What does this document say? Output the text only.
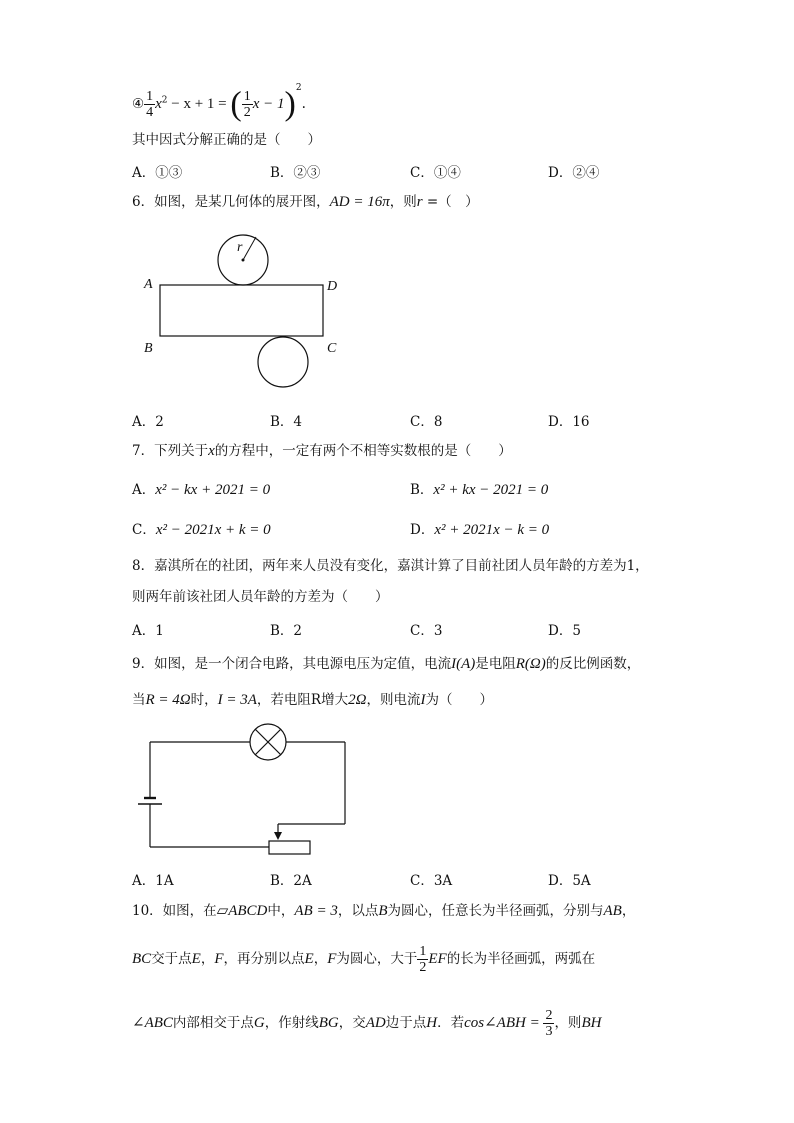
④ $\frac{1}{4} x^2 - x + 1$ = ( $\frac{1}{2}$ x − 1)$^2$.
其中因式分解正确的是（　　）
A．①③	B．②③	C．①④	D．②④
6．如图，是某几何体的展开图，AD = 16π，则r =（　）
r
A	D
B	C
A．2	B．4	C．8	D．16
7．下列关于x的方程中，一定有两个不相等实数根的是（　　）
A．x² − kx + 2021 = 0	B．x² + kx − 2021 = 0
C．x² − 2021x + k = 0	D．x² + 2021x − k = 0
8．嘉淇所在的社团，两年来人员没有变化，嘉淇计算了目前社团人员年龄的方差为1，
则两年前该社团人员年龄的方差为（　　）
A．1	B．2	C．3	D．5
9．如图，是一个闭合电路，其电源电压为定值，电流I(A)是电阻R(Ω)的反比例函数，
当R = 4Ω时，I = 3A，若电阻R增大2Ω，则电流I为（　　）
A．1A	B．2A	C．3A	D．5A
10．如图，在▱ABCD中，AB = 3，以点B为圆心，任意长为半径画弧，分别与AB，
BC交于点E，F，再分别以点E，F为圆心，大于 $\frac{1}{2}$ EF的长为半径画弧，两弧在
∠ABC内部相交于点G，作射线BG，交AD边于点H．若cos∠ABH = $\frac{2}{3}$ ，则BH
